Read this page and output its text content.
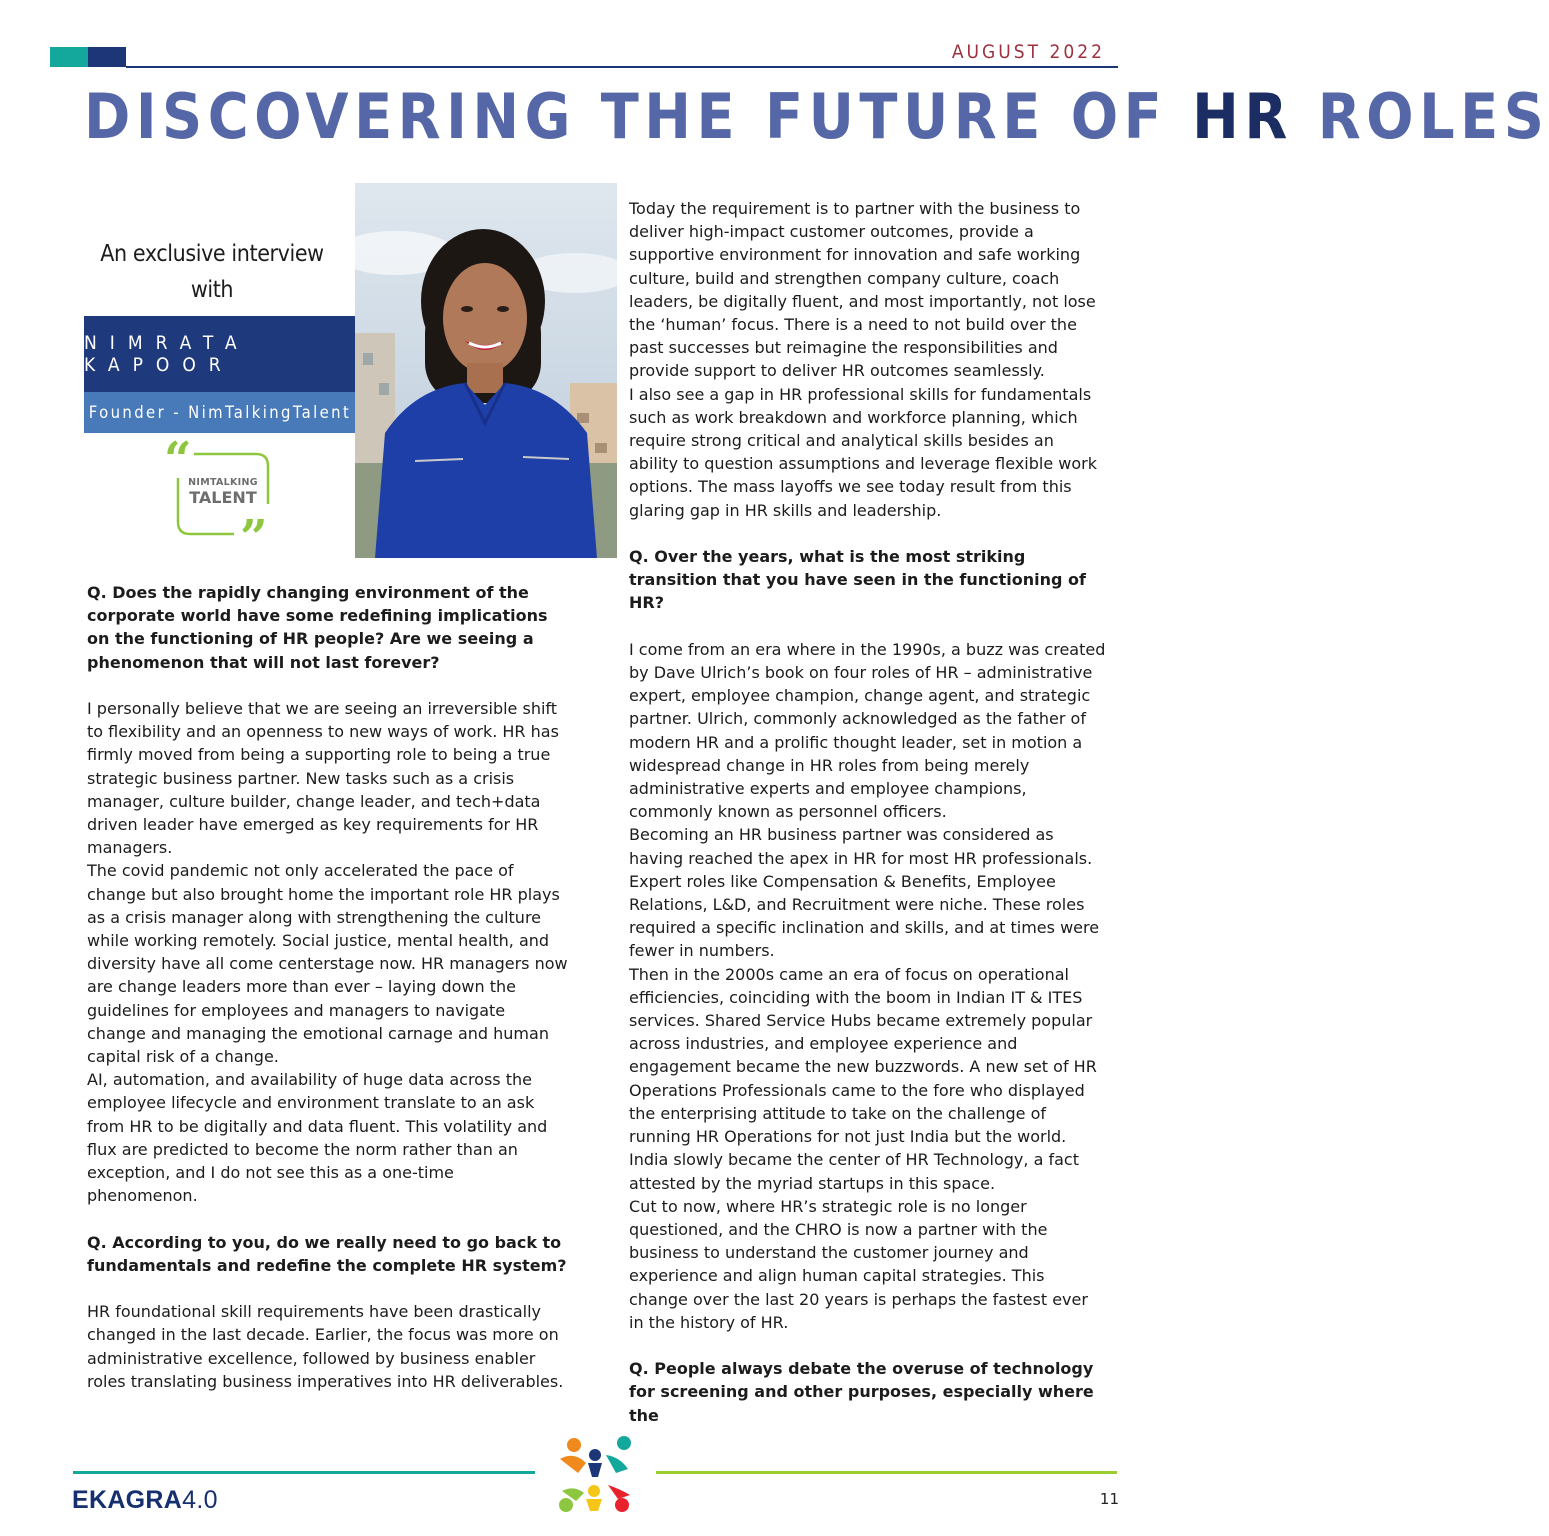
AUGUST 2022
DISCOVERING THE FUTURE OF HR ROLES
An exclusive interview
with
NIMRATA KAPOOR
Founder - NimTalkingTalent
“
”
NIMTALKING
TALENT

Q. Does the rapidly changing environment of the corporate world have some redefining implications on the functioning of HR people? Are we seeing a phenomenon that will not last forever?

I personally believe that we are seeing an irreversible shift to flexibility and an openness to new ways of work. HR has firmly moved from being a supporting role to being a true strategic business partner. New tasks such as a crisis manager, culture builder, change leader, and tech+data driven leader have emerged as key requirements for HR managers.

The covid pandemic not only accelerated the pace of change but also brought home the important role HR plays as a crisis manager along with strengthening the culture while working remotely. Social justice, mental health, and diversity have all come centerstage now. HR managers now are change leaders more than ever – laying down the guidelines for employees and managers to navigate change and managing the emotional carnage and human capital risk of a change.

AI, automation, and availability of huge data across the employee lifecycle and environment translate to an ask from HR to be digitally and data fluent. This volatility and flux are predicted to become the norm rather than an exception, and I do not see this as a one-time phenomenon.

Q. According to you, do we really need to go back to fundamentals and redefine the complete HR system?

HR foundational skill requirements have been drastically changed in the last decade. Earlier, the focus was more on administrative excellence, followed by business enabler roles translating business imperatives into HR deliverables.

Today the requirement is to partner with the business to deliver high-impact customer outcomes, provide a supportive environment for innovation and safe working culture, build and strengthen company culture, coach leaders, be digitally fluent, and most importantly, not lose the ‘human’ focus. There is a need to not build over the past successes but reimagine the responsibilities and provide support to deliver HR outcomes seamlessly.

I also see a gap in HR professional skills for fundamentals such as work breakdown and workforce planning, which require strong critical and analytical skills besides an ability to question assumptions and leverage flexible work options. The mass layoffs we see today result from this glaring gap in HR skills and leadership.

Q. Over the years, what is the most striking transition that you have seen in the functioning of HR?

I come from an era where in the 1990s, a buzz was created by Dave Ulrich’s book on four roles of HR – administrative expert, employee champion, change agent, and strategic partner. Ulrich, commonly acknowledged as the father of modern HR and a prolific thought leader, set in motion a widespread change in HR roles from being merely administrative experts and employee champions, commonly known as personnel officers.

Becoming an HR business partner was considered as having reached the apex in HR for most HR professionals. Expert roles like Compensation & Benefits, Employee Relations, L&D, and Recruitment were niche. These roles required a specific inclination and skills, and at times were fewer in numbers.

Then in the 2000s came an era of focus on operational efficiencies, coinciding with the boom in Indian IT & ITES services. Shared Service Hubs became extremely popular across industries, and employee experience and engagement became the new buzzwords. A new set of HR Operations Professionals came to the fore who displayed the enterprising attitude to take on the challenge of running HR Operations for not just India but the world. India slowly became the center of HR Technology, a fact attested by the myriad startups in this space.

Cut to now, where HR’s strategic role is no longer questioned, and the CHRO is now a partner with the business to understand the customer journey and experience and align human capital strategies. This change over the last 20 years is perhaps the fastest ever in the history of HR.

Q. People always debate the overuse of technology for screening and other purposes, especially where the

EKAGRA4.0	11
